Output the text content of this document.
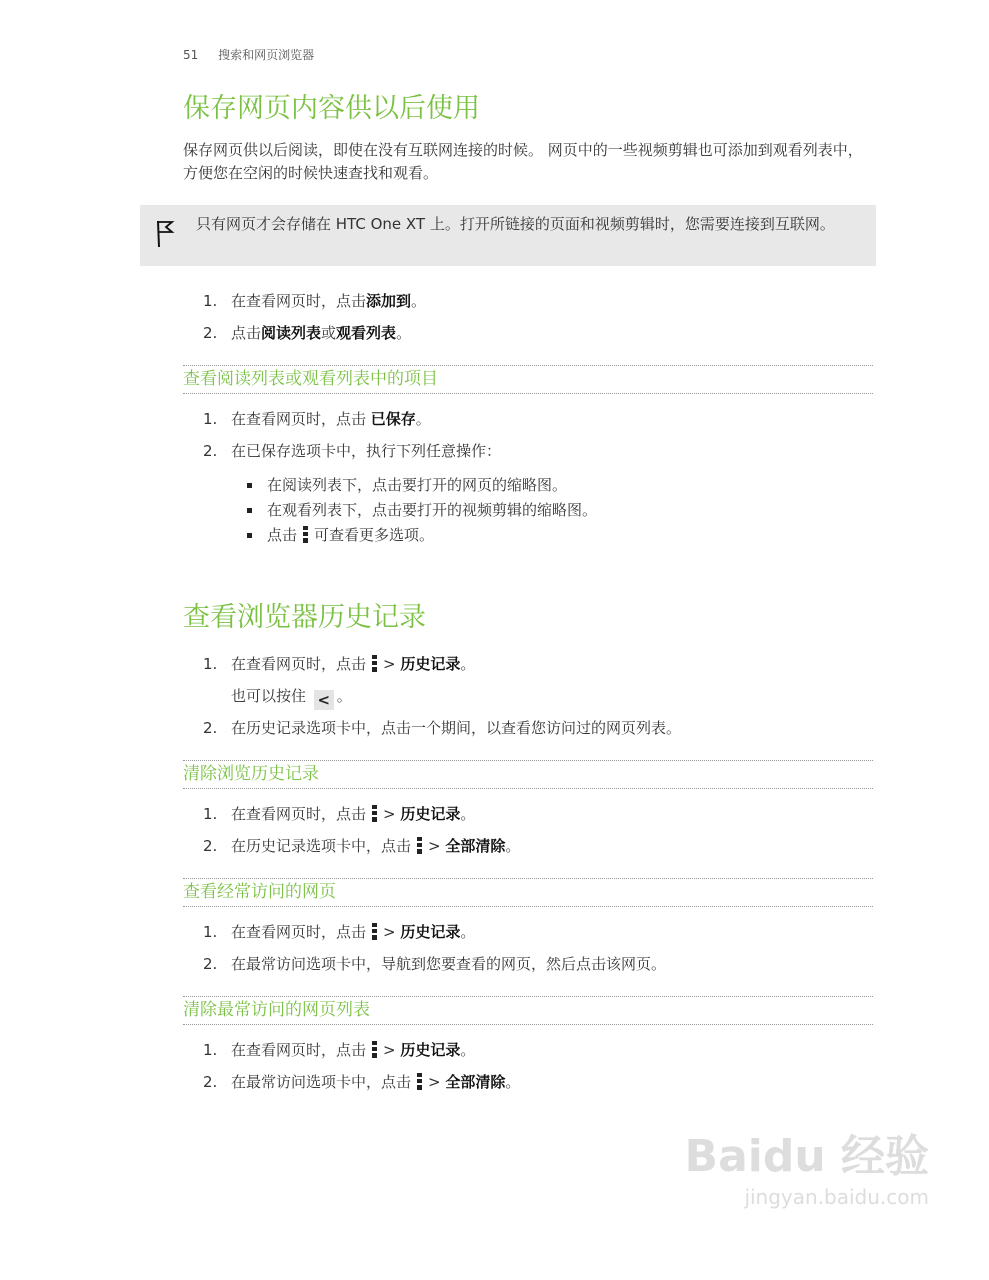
51 搜索和网页浏览器
保存网页内容供以后使用
保存网页供以后阅读，即使在没有互联网连接的时候。 网页中的一些视频剪辑也可添加到观看列表中，方便您在空闲的时候快速查找和观看。
只有网页才会存储在 HTC One XT 上。打开所链接的页面和视频剪辑时，您需要连接到互联网。
1. 在查看网页时，点击添加到。
2. 点击阅读列表或观看列表。
查看阅读列表或观看列表中的项目
1. 在查看网页时，点击 已保存。
2. 在已保存选项卡中，执行下列任意操作：
在阅读列表下，点击要打开的网页的缩略图。
在观看列表下，点击要打开的视频剪辑的缩略图。
点击 可查看更多选项。
查看浏览器历史记录
1. 在查看网页时，点击 > 历史记录。
也可以按住 < 。
2. 在历史记录选项卡中，点击一个期间，以查看您访问过的网页列表。
清除浏览历史记录
1. 在查看网页时，点击 > 历史记录。
2. 在历史记录选项卡中，点击 > 全部清除。
查看经常访问的网页
1. 在查看网页时，点击 > 历史记录。
2. 在最常访问选项卡中，导航到您要查看的网页，然后点击该网页。
清除最常访问的网页列表
1. 在查看网页时，点击 > 历史记录。
2. 在最常访问选项卡中，点击 > 全部清除。
Baidu 经验
jingyan.baidu.com
